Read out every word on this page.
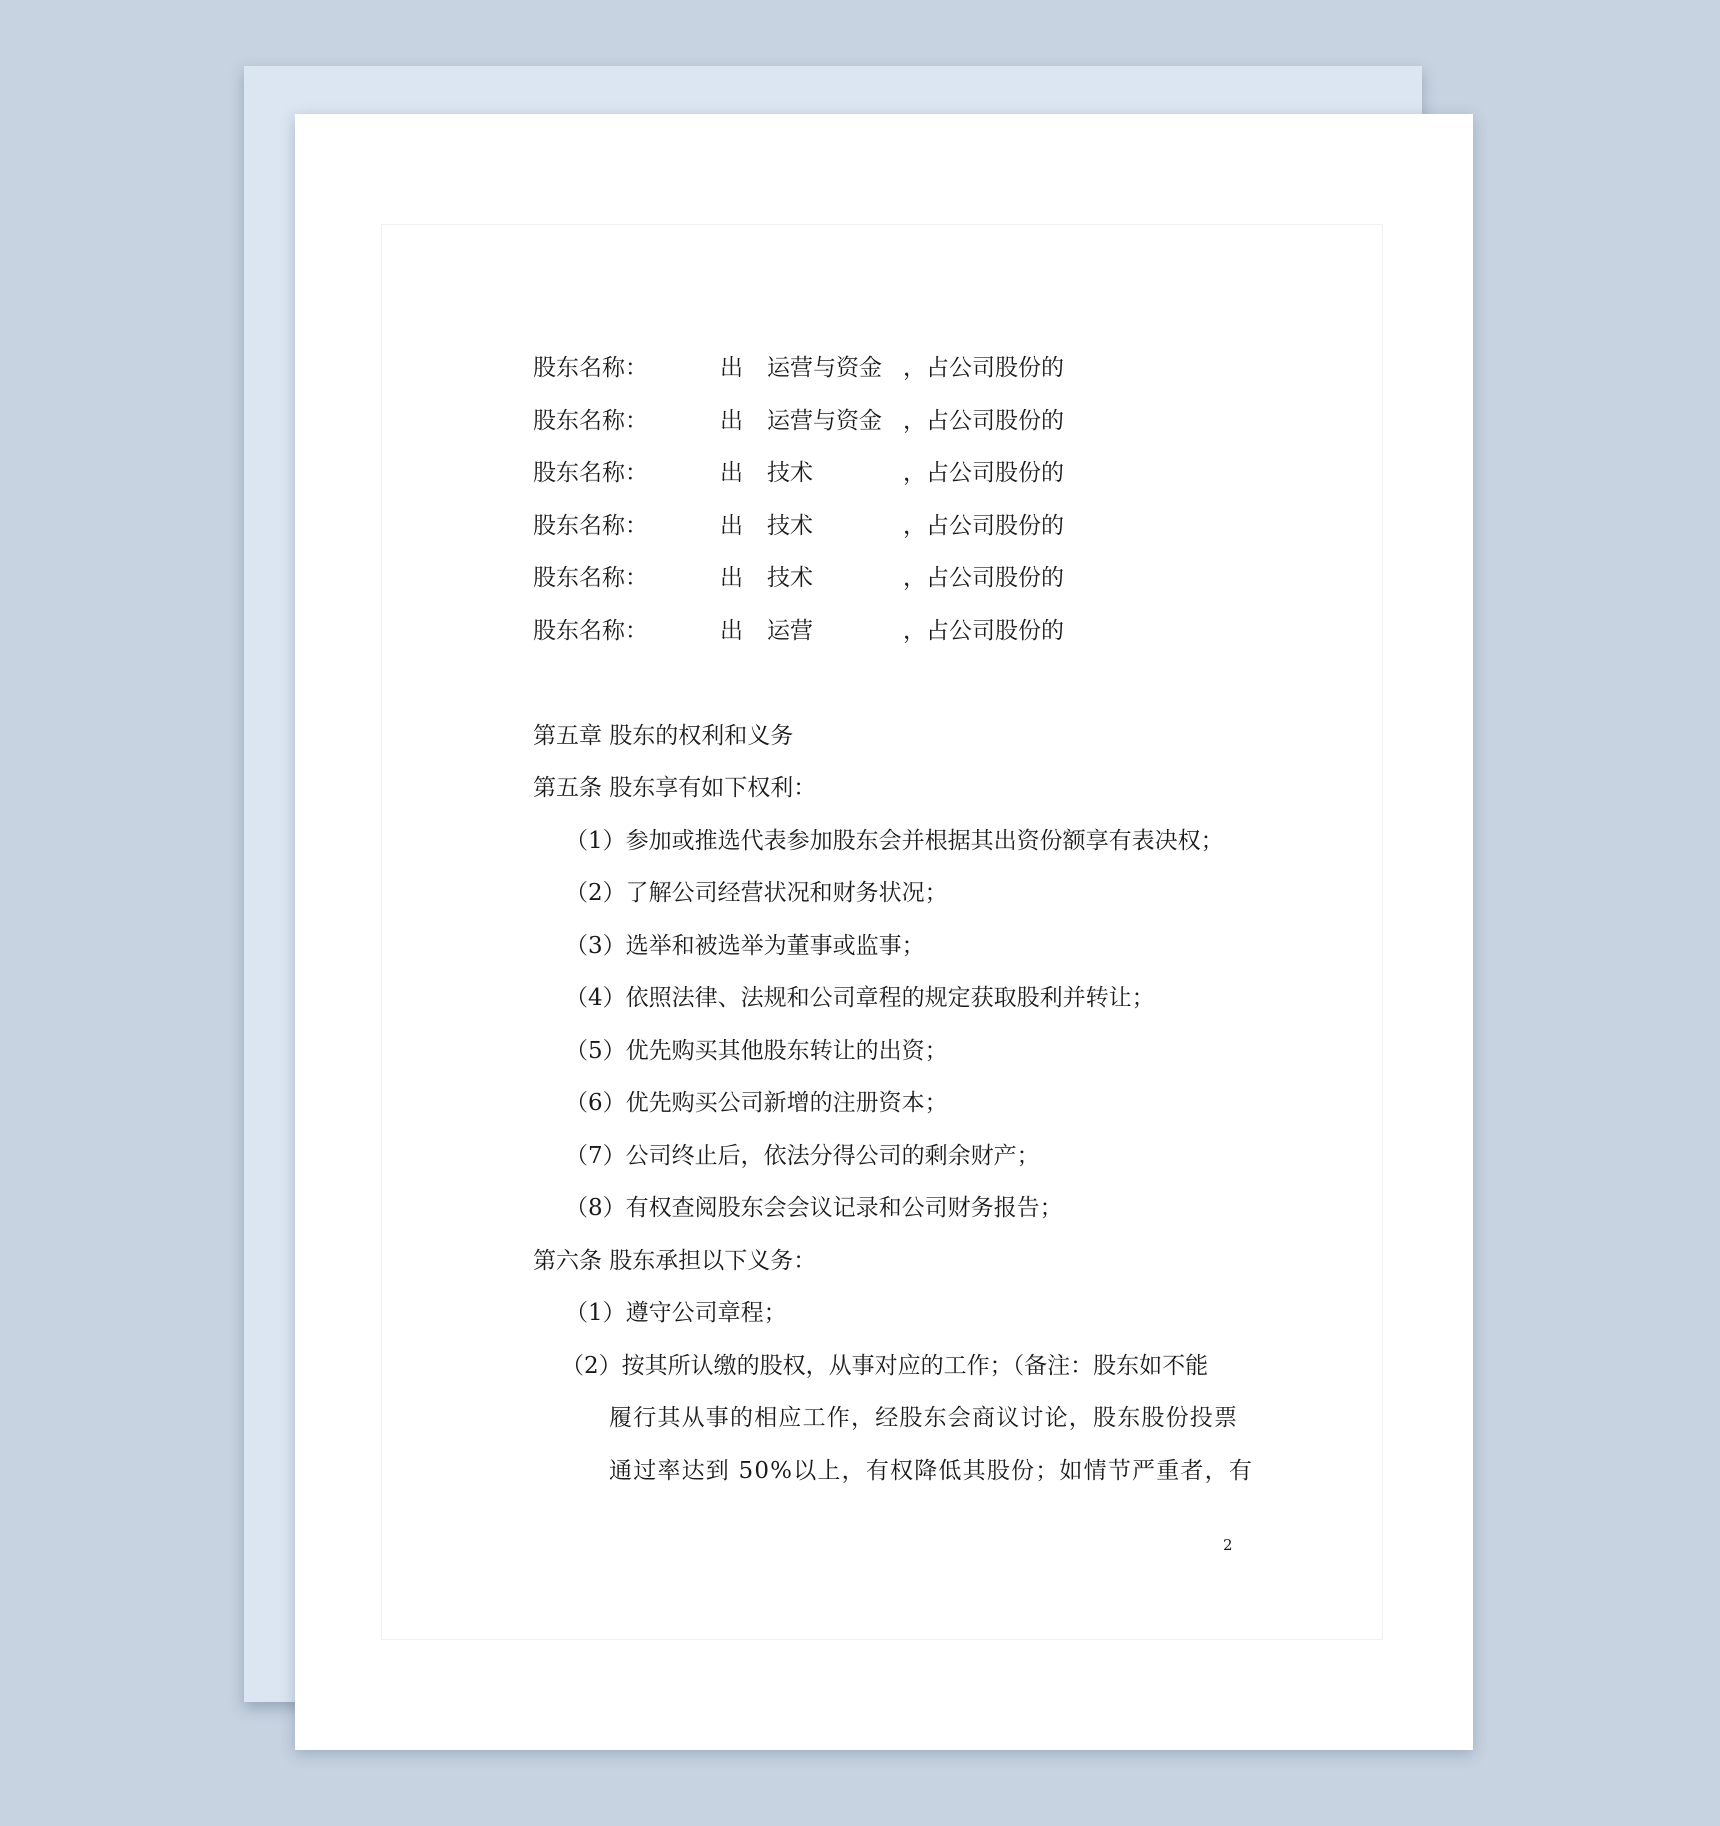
股东名称：	出 运营与资金 ，占公司股份的
股东名称：	出 运营与资金 ，占公司股份的
股东名称：	出 技术	，占公司股份的
股东名称：	出 技术	，占公司股份的
股东名称：	出 技术	，占公司股份的
股东名称：	出 运营	，占公司股份的
第五章 股东的权利和义务
第五条 股东享有如下权利：
（1）参加或推选代表参加股东会并根据其出资份额享有表决权；
（2）了解公司经营状况和财务状况；
（3）选举和被选举为董事或监事；
（4）依照法律、法规和公司章程的规定获取股利并转让；
（5）优先购买其他股东转让的出资；
（6）优先购买公司新增的注册资本；
（7）公司终止后，依法分得公司的剩余财产；
（8）有权查阅股东会会议记录和公司财务报告；
第六条 股东承担以下义务：
（1）遵守公司章程；
（2）按其所认缴的股权，从事对应的工作；（备注：股东如不能
履行其从事的相应工作，经股东会商议讨论，股东股份投票
通过率达到 50%以上，有权降低其股份；如情节严重者，有
2
